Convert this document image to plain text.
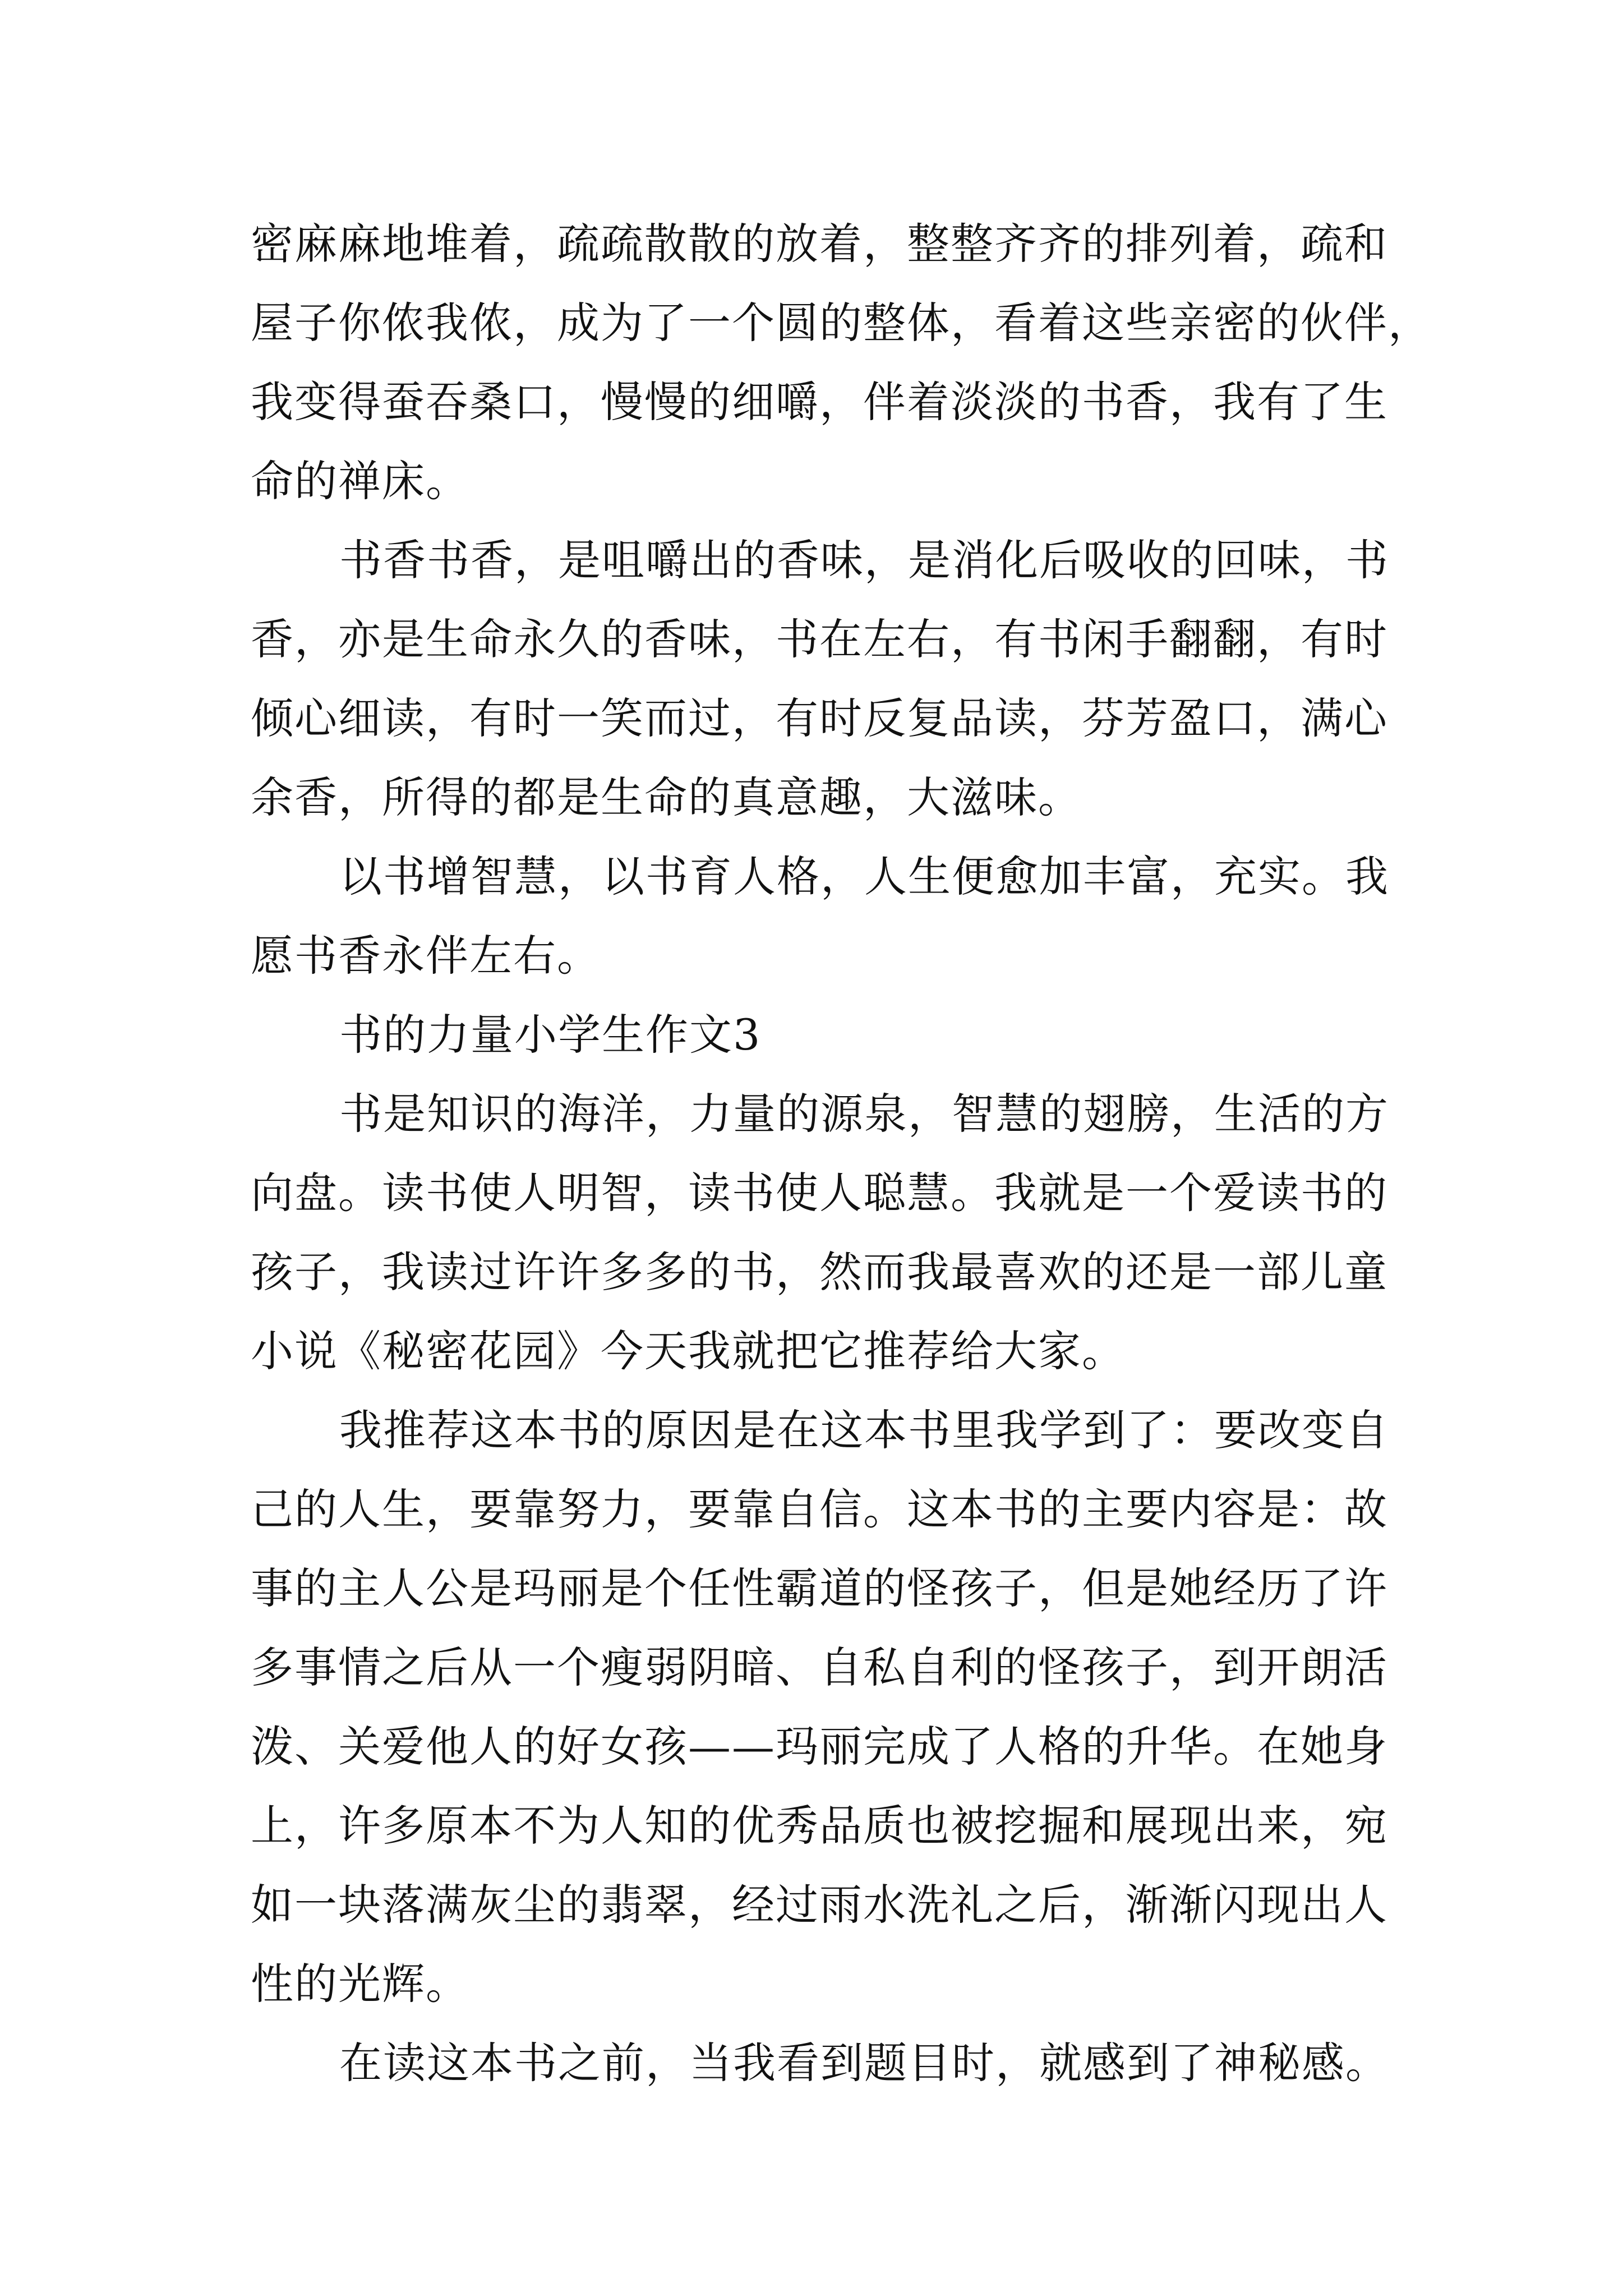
密麻麻地堆着，疏疏散散的放着，整整齐齐的排列着，疏和
屋子你侬我侬，成为了一个圆的整体，看着这些亲密的伙伴，
我变得蚕吞桑口，慢慢的细嚼，伴着淡淡的书香，我有了生
命的禅床。
书香书香，是咀嚼出的香味，是消化后吸收的回味，书
香，亦是生命永久的香味，书在左右，有书闲手翻翻，有时
倾心细读，有时一笑而过，有时反复品读，芬芳盈口，满心
余香，所得的都是生命的真意趣，大滋味。
以书增智慧，以书育人格，人生便愈加丰富，充实。我
愿书香永伴左右。
书的力量小学生作文3
书是知识的海洋，力量的源泉，智慧的翅膀，生活的方
向盘。读书使人明智，读书使人聪慧。我就是一个爱读书的
孩子，我读过许许多多的书，然而我最喜欢的还是一部儿童
小说《秘密花园》今天我就把它推荐给大家。
我推荐这本书的原因是在这本书里我学到了：要改变自
己的人生，要靠努力，要靠自信。这本书的主要内容是：故
事的主人公是玛丽是个任性霸道的怪孩子，但是她经历了许
多事情之后从一个瘦弱阴暗、自私自利的怪孩子，到开朗活
泼、关爱他人的好女孩——玛丽完成了人格的升华。在她身
上，许多原本不为人知的优秀品质也被挖掘和展现出来，宛
如一块落满灰尘的翡翠，经过雨水洗礼之后，渐渐闪现出人
性的光辉。
在读这本书之前，当我看到题目时，就感到了神秘感。
